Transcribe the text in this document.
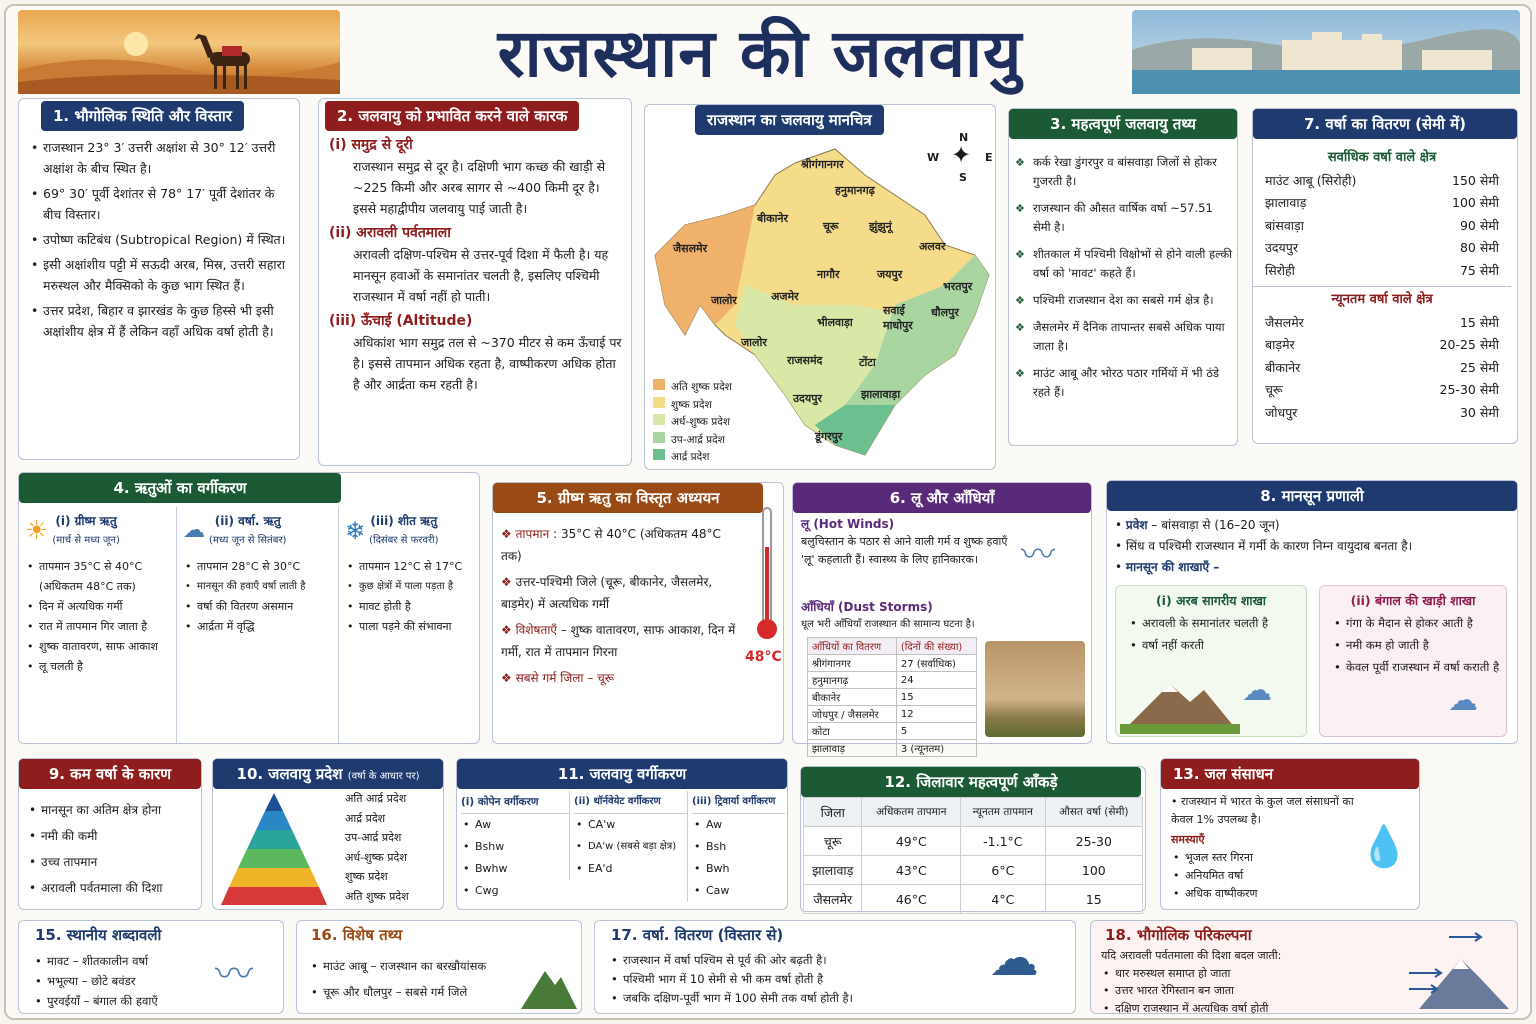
राजस्थान की जलवायु
1. भौगोलिक स्थिति और विस्तार
• राजस्थान 23° 3′ उत्तरी अक्षांश से 30° 12′ उत्तरी अक्षांश के बीच स्थित है।
• 69° 30′ पूर्वी देशांतर से 78° 17′ पूर्वी देशांतर के बीच विस्तार।
• उपोष्ण कटिबंध (Subtropical Region) में स्थित।
• इसी अक्षांशीय पट्टी में सऊदी अरब, मिस्र, उत्तरी सहारा मरुस्थल और मैक्सिको के कुछ भाग स्थित हैं।
• उत्तर प्रदेश, बिहार व झारखंड के कुछ हिस्से भी इसी अक्षांशीय क्षेत्र में हैं लेकिन वहाँ अधिक वर्षा होती है।
2. जलवायु को प्रभावित करने वाले कारक
(i) समुद्र से दूरी
राजस्थान समुद्र से दूर है। दक्षिणी भाग कच्छ की खाड़ी से ~225 किमी और अरब सागर से ~400 किमी दूर है। इससे महाद्वीपीय जलवायु पाई जाती है।
(ii) अरावली पर्वतमाला
अरावली दक्षिण-पश्चिम से उत्तर-पूर्व दिशा में फैली है। यह मानसून हवाओं के समानांतर चलती है, इसलिए पश्चिमी राजस्थान में वर्षा नहीं हो पाती।
(iii) ऊँचाई (Altitude)
अधिकांश भाग समुद्र तल से ~370 मीटर से कम ऊँचाई पर है। इससे तापमान अधिक रहता है, वाष्पीकरण अधिक होता है और आर्द्रता कम रहती है।
राजस्थान का जलवायु मानचित्र
N
S
W	E
✦
श्रीगंगानगर
हनुमानगढ़
बीकानेर
चूरू	झुंझुनूं
जैसलमेर	अलवर
नागौर	जयपुर
भरतपुर
अजमेर
सवाई माधोपुर
जालोर
भीलवाड़ा
धौलपुर
जालोर
राजसमंद	टोंटा
उदयपुर	झालावाड़ा
डूंगरपुर
अति शुष्क प्रदेश
शुष्क प्रदेश
अर्ध-शुष्क प्रदेश
उप-आर्द्र प्रदेश
आर्द्र प्रदेश
3. महत्वपूर्ण जलवायु तथ्य
❖ कर्क रेखा डुंगरपुर व बांसवाड़ा जिलों से होकर गुजरती है।
❖ राजस्थान की औसत वार्षिक वर्षा ~57.51 सेमी है।
❖ शीतकाल में पश्चिमी विक्षोभों से होने वाली हल्की वर्षा को 'मावट' कहते हैं।
❖ पश्चिमी राजस्थान देश का सबसे गर्म क्षेत्र है।
❖ जैसलमेर में दैनिक तापान्तर सबसे अधिक पाया जाता है।
❖ माउंट आबू और भोरठ पठार गर्मियों में भी ठंडे रहते हैं।
7. वर्षा का वितरण (सेमी में)
सर्वाधिक वर्षा वाले क्षेत्र
माउंट आबू (सिरोही)	150 सेमी
झालावाड़	100 सेमी
बांसवाड़ा	90 सेमी
उदयपुर	80 सेमी
सिरोही	75 सेमी
न्यूनतम वर्षा वाले क्षेत्र
जैसलमेर	15 सेमी
बाड़मेर	20-25 सेमी
बीकानेर	25 सेमी
चूरू	25-30 सेमी
जोधपुर	30 सेमी
4. ऋतुओं का वर्गीकरण
☀ (i) ग्रीष्म ऋतु
(मार्च से मध्य जून)
• तापमान 35°C से 40°C (अधिकतम 48°C तक)
• दिन में अत्यधिक गर्मी
• रात में तापमान गिर जाता है
• शुष्क वातावरण, साफ आकाश
• लू चलती है
☁ (ii) वर्षा. ऋतु
(मध्य जून से सितंबर)
• तापमान 28°C से 30°C
• मानसून की हवाएँ वर्षा लाती है
• वर्षा की वितरण असमान
• आर्द्रता में वृद्धि
❄ (iii) शीत ऋतु
(दिसंबर से फरवरी)
• तापमान 12°C से 17°C
• कुछ क्षेत्रों में पाला पड़ता है
• मावट होती है
• पाला पड़ने की संभावना
5. ग्रीष्म ऋतु का विस्तृत अध्ययन
❖ तापमान : 35°C से 40°C (अधिकतम 48°C तक)
❖ उत्तर-पश्चिमी जिले (चूरू, बीकानेर, जैसलमेर, बाड़मेर) में अत्यधिक गर्मी
❖ विशेषताएँ – शुष्क वातावरण, साफ आकाश, दिन में गर्मी, रात में तापमान गिरना
❖ सबसे गर्म जिला – चूरू
48°C
6. लू और आँधियाँ
लू (Hot Winds)
बलुचिस्तान के पठार से आने वाली गर्म व शुष्क हवाएँ 'लू' कहलाती हैं। स्वास्थ्य के लिए हानिकारक।	〰
आँधियाँ (Dust Storms)
धूल भरी आँधियाँ राजस्थान की सामान्य घटना है।
आँधियों का वितरण	(दिनों की संख्या)
श्रीगंगानगर	27 (सर्वाधिक)
हनुमानगढ़	24
बीकानेर	15
जोधपुर / जैसलमेर	12
कोटा	5
झालावाड़	3 (न्यूनतम)
8. मानसून प्रणाली
• प्रवेश – बांसवाड़ा से (16–20 जून)
• सिंध व पश्चिमी राजस्थान में गर्मी के कारण निम्न वायुदाब बनता है।
• मानसून की शाखाएँ –
(i) अरब सागरीय शाखा
• अरावली के समानांतर चलती है
• वर्षा नहीं करती
☁
(ii) बंगाल की खाड़ी शाखा
• गंगा के मैदान से होकर आती है
• नमी कम हो जाती है
• केवल पूर्वी राजस्थान में वर्षा कराती है
☁
9. कम वर्षा के कारण
• मानसून का अतिम क्षेत्र होना
• नमी की कमी
• उच्च तापमान
• अरावली पर्वतमाला की दिशा
10. जलवायु प्रदेश (वर्षा के आधार पर)
अति आर्द्र प्रदेश
आर्द्र प्रदेश
उप-आर्द्र प्रदेश
अर्ध-शुष्क प्रदेश
शुष्क प्रदेश
अति शुष्क प्रदेश
11. जलवायु वर्गीकरण
(i) कोपेन वर्गीकरण
• Aw
• Bshw
• Bwhw
• Cwg
(ii) थॉर्नवेयेट वर्गीकरण
• CA'w
• DA'w (सबसे बड़ा क्षेत्र)
• EA'd
(iii) ट्रिवार्या वर्गीकरण
• Aw
• Bsh
• Bwh
• Caw
12. जिलावार महत्वपूर्ण आँकड़े
जिला	अधिकतम तापमान	न्यूनतम तापमान	औसत वर्षा (सेमी)
चूरू	49°C	-1.1°C	25-30
झालावाड़	43°C	6°C	100
जैसलमेर	46°C	4°C	15
13. जल संसाधन
• राजस्थान में भारत के कुल जल संसाधनों का केवल 1% उपलब्ध है।
समस्याएँ
• भूजल स्तर गिरना
• अनियमित वर्षा
• अधिक वाष्पीकरण
💧
15. स्थानीय शब्दावली
• मावट – शीतकालीन वर्षा
• भभूल्या – छोटे बवंडर
• पुरवईयाँ – बंगाल की हवाएँ
〰
16. विशेष तथ्य
• माउंट आबू – राजस्थान का बरखौयांसक
• चूरू और धौलपुर – सबसे गर्म जिले
17. वर्षा. वितरण (विस्तार से)
• राजस्थान में वर्षा पश्चिम से पूर्व की ओर बढ़ती है।
• पश्चिमी भाग में 10 सेमी से भी कम वर्षा होती है
• जबकि दक्षिण-पूर्वी भाग में 100 सेमी तक वर्षा होती है।
☁	18. भौगोलिक परिकल्पना
यदि अरावली पर्वतमाला की दिशा बदल जाती:
• थार मरुस्थल समाप्त हो जाता
• उत्तर भारत रेगिस्तान बन जाता
• दक्षिण राजस्थान में अत्यधिक वर्षा होती
